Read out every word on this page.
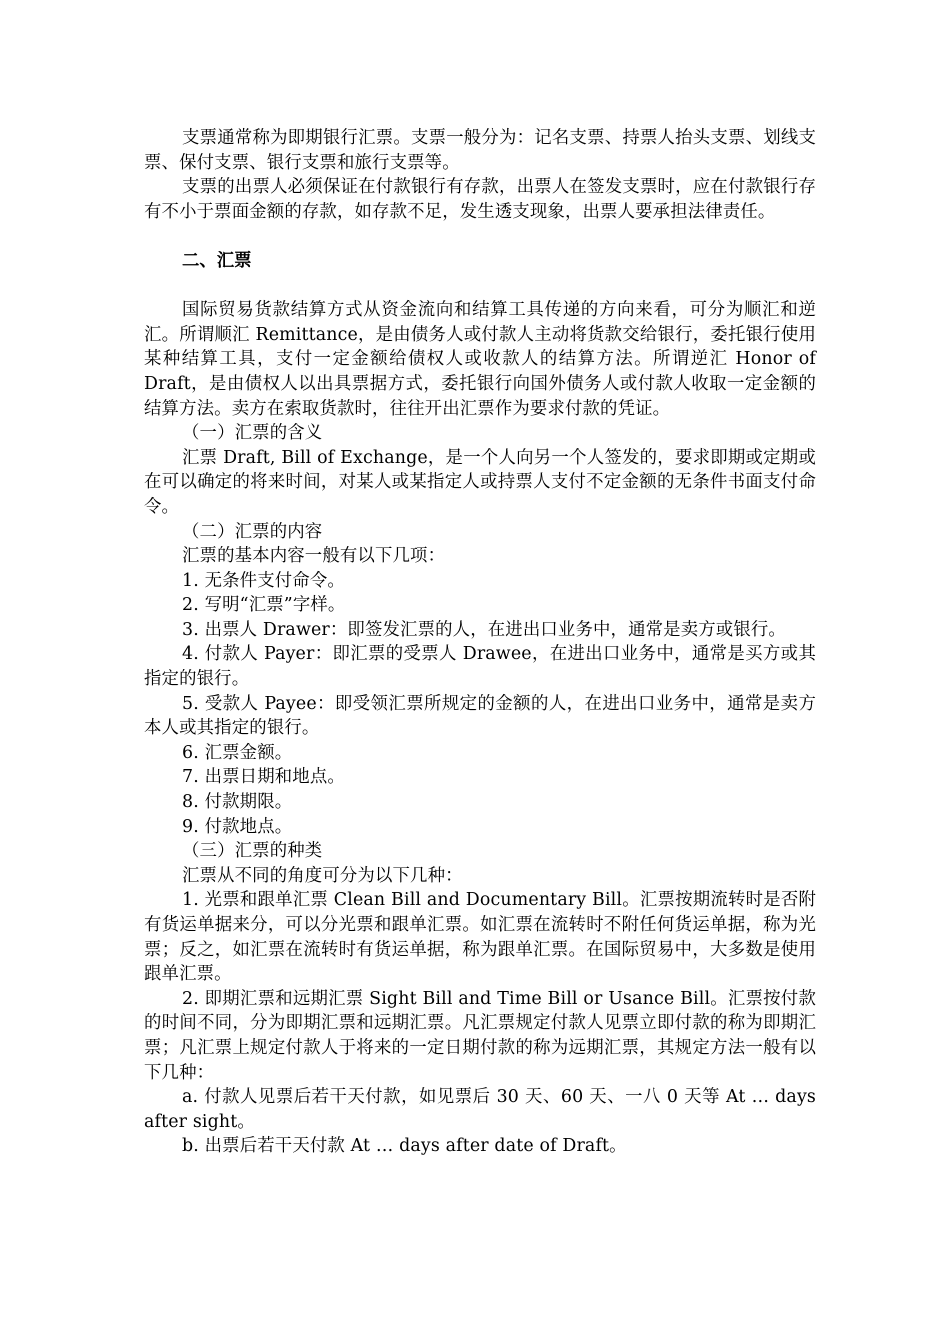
支票通常称为即期银行汇票。支票一般分为：记名支票、持票人抬头支票、划线支票、保付支票、银行支票和旅行支票等。

支票的出票人必须保证在付款银行有存款，出票人在签发支票时，应在付款银行存有不小于票面金额的存款，如存款不足，发生透支现象，出票人要承担法律责任。

二、汇票

国际贸易货款结算方式从资金流向和结算工具传递的方向来看，可分为顺汇和逆汇。所谓顺汇 Remittance，是由债务人或付款人主动将货款交给银行，委托银行使用某种结算工具，支付一定金额给债权人或收款人的结算方法。所谓逆汇 Honor of Draft，是由债权人以出具票据方式，委托银行向国外债务人或付款人收取一定金额的结算方法。卖方在索取货款时，往往开出汇票作为要求付款的凭证。

（一）汇票的含义

汇票 Draft, Bill of Exchange，是一个人向另一个人签发的，要求即期或定期或在可以确定的将来时间，对某人或某指定人或持票人支付不定金额的无条件书面支付命令。

（二）汇票的内容

汇票的基本内容一般有以下几项：

1. 无条件支付命令。

2. 写明“汇票”字样。

3. 出票人 Drawer：即签发汇票的人，在进出口业务中，通常是卖方或银行。

4. 付款人 Payer：即汇票的受票人 Drawee，在进出口业务中，通常是买方或其指定的银行。

5. 受款人 Payee：即受领汇票所规定的金额的人，在进出口业务中，通常是卖方本人或其指定的银行。

6. 汇票金额。

7. 出票日期和地点。

8. 付款期限。

9. 付款地点。

（三）汇票的种类

汇票从不同的角度可分为以下几种：

1. 光票和跟单汇票 Clean Bill and Documentary Bill。汇票按期流转时是否附有货运单据来分，可以分光票和跟单汇票。如汇票在流转时不附任何货运单据，称为光票；反之，如汇票在流转时有货运单据，称为跟单汇票。在国际贸易中，大多数是使用跟单汇票。

2. 即期汇票和远期汇票 Sight Bill and Time Bill or Usance Bill。汇票按付款的时间不同，分为即期汇票和远期汇票。凡汇票规定付款人见票立即付款的称为即期汇票；凡汇票上规定付款人于将来的一定日期付款的称为远期汇票，其规定方法一般有以下几种：

a. 付款人见票后若干天付款，如见票后 30 天、60 天、一八 0 天等 At … days after sight。

b. 出票后若干天付款 At … days after date of Draft。
